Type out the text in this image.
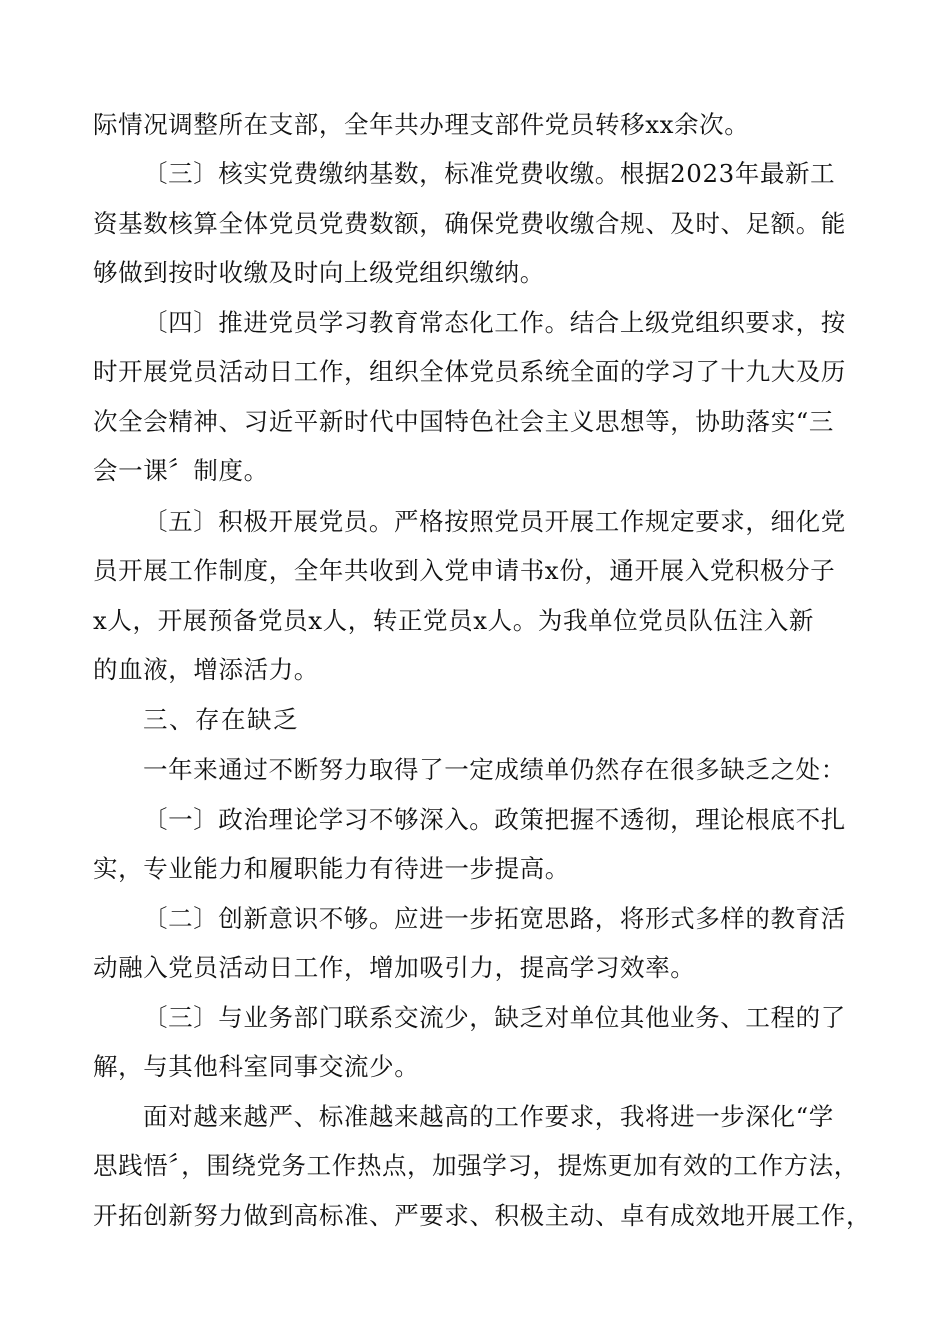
际情况调整所在支部，全年共办理支部件党员转移xx余次。
〔三〕核实党费缴纳基数，标准党费收缴。根据2023年最新工
资基数核算全体党员党费数额，确保党费收缴合规、及时、足额。能
够做到按时收缴及时向上级党组织缴纳。
〔四〕推进党员学习教育常态化工作。结合上级党组织要求，按
时开展党员活动日工作，组织全体党员系统全面的学习了十九大及历
次全会精神、习近平新时代中国特色社会主义思想等，协助落实“三
会一课〞制度。
〔五〕积极开展党员。严格按照党员开展工作规定要求，细化党
员开展工作制度，全年共收到入党申请书x份，通开展入党积极分子
x人，开展预备党员x人，转正党员x人。为我单位党员队伍注入新
的血液，增添活力。
三、存在缺乏
一年来通过不断努力取得了一定成绩单仍然存在很多缺乏之处：
〔一〕政治理论学习不够深入。政策把握不透彻，理论根底不扎
实，专业能力和履职能力有待进一步提高。
〔二〕创新意识不够。应进一步拓宽思路，将形式多样的教育活
动融入党员活动日工作，增加吸引力，提高学习效率。
〔三〕与业务部门联系交流少，缺乏对单位其他业务、工程的了
解，与其他科室同事交流少。
面对越来越严、标准越来越高的工作要求，我将进一步深化“学
思践悟〞，围绕党务工作热点，加强学习，提炼更加有效的工作方法，
开拓创新努力做到高标准、严要求、积极主动、卓有成效地开展工作，
